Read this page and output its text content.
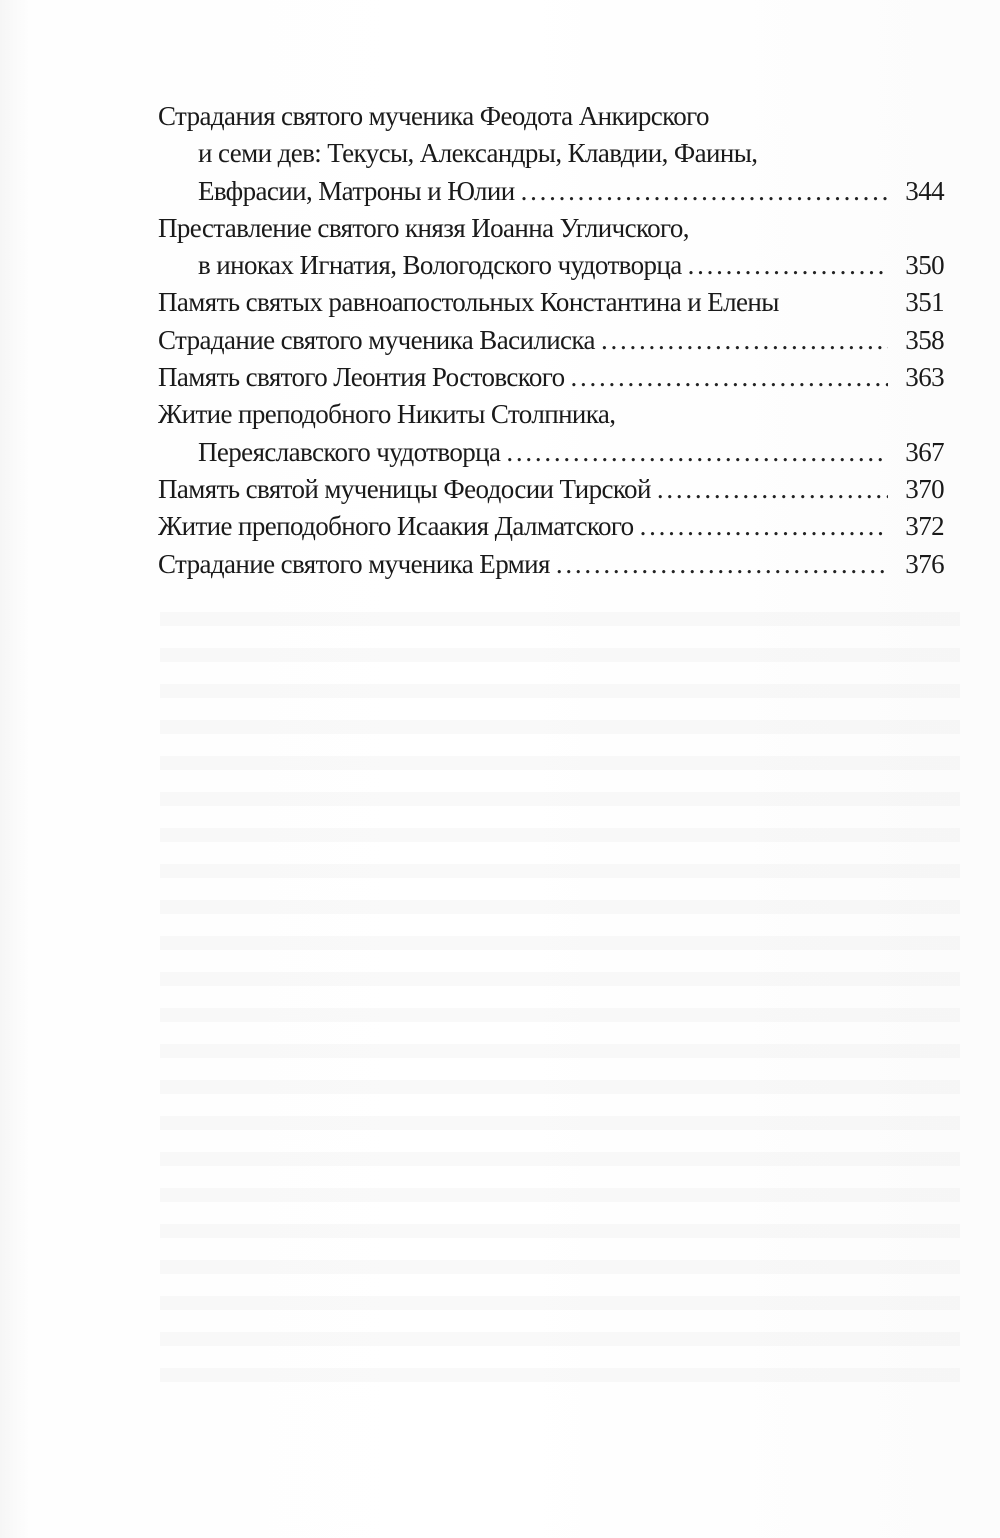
Страдания святого мученика Феодота Анкирского
и семи дев: Текусы, Александры, Клавдии, Фаины,
Евфрасии, Матроны и Юлии . . .	344
Преставление святого князя Иоанна Угличского,
в иноках Игнатия, Вологодского чудотворца . . .	350
Память святых равноапостольных Константина и Елены	351
Страдание святого мученика Василиска . . .	358
Память святого Леонтия Ростовского . . .	363
Житие преподобного Никиты Столпника,
Переяславского чудотворца . . .	367
Память святой мученицы Феодосии Тирской . . .	370
Житие преподобного Исаакия Далматского . . .	372
Страдание святого мученика Ермия . . .	376
